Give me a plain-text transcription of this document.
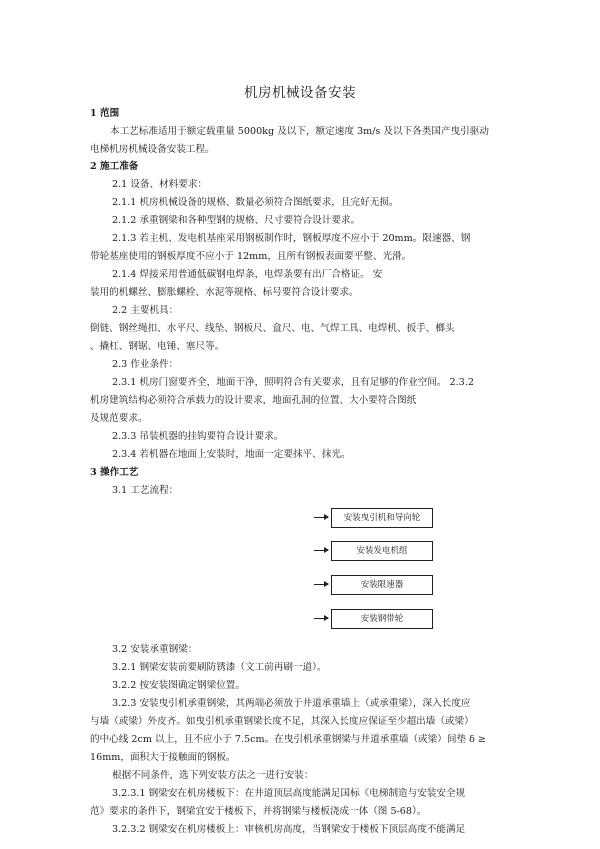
机房机械设备安装
1 范围
本工艺标准适用于额定载重量 5000kg 及以下，额定速度 3m/s 及以下各类国产曳引驱动
电梯机房机械设备安装工程。
2 施工准备
2.1 设备、材料要求：
2.1.1 机房机械设备的规格、数量必须符合图纸要求，且完好无损。
2.1.2 承重钢梁和各种型钢的规格、尺寸要符合设计要求。
2.1.3 若主机、发电机基座采用钢板制作时，钢板厚度不应小于 20mm。限速器、钢
带轮基座使用的钢板厚度不应小于 12mm，且所有钢板表面要平整、光滑。
2.1.4 焊接采用普通低碳钢电焊条，电焊条要有出厂合格证。 安
装用的机螺丝、膨胀螺栓、水泥等规格、标号要符合设计要求。
2.2 主要机具：
倒链、钢丝绳扣、水平尺、线坠、钢板尺、盒尺、电、气焊工具、电焊机、扳手、榔头
、撬杠、钢锯、电锤、塞尺等。
2.3 作业条件：
2.3.1 机房门窗要齐全，地面干净，照明符合有关要求，且有足够的作业空间。 2.3.2
机房建筑结构必须符合承载力的设计要求，地面孔洞的位置、大小要符合图纸
及规范要求。
2.3.3 吊装机器的挂钩要符合设计要求。
2.3.4 若机器在地面上安装时，地面一定要抹平、抹光。
3 操作工艺
3.1 工艺流程：
安装曳引机和导向轮
安装发电机组
安装限速器
安装钢带轮
3.2 安装承重钢梁：
3.2.1 钢梁安装前要刷防锈漆（文工前再刷一道）。
3.2.2 按安装图确定钢梁位置。
3.2.3 安装曳引机承重钢梁，其两端必须放于井道承重墙上（或承重梁），深入长度应
与墙（或梁）外皮齐。如曳引机承重钢梁长度不足，其深入长度应保证至少超出墙（或梁）
的中心线 2cm 以上，且不应小于 7.5cm。在曳引机承重钢梁与井道承重墙（或梁）间垫 δ ≥
16mm，面积大于接触面的钢板。
根据不同条件，选下列安装方法之一进行安装：
3.2.3.1 钢梁安在机房楼板下：在井道顶层高度能满足国标《电梯制造与安装安全规
范》要求的条件下，钢梁宜安于楼板下，并将钢梁与楼板浇成一体（图 5-68）。
3.2.3.2 钢梁安在机房楼板上：审核机房高度，当钢梁安于楼板下顶层高度不能满足
